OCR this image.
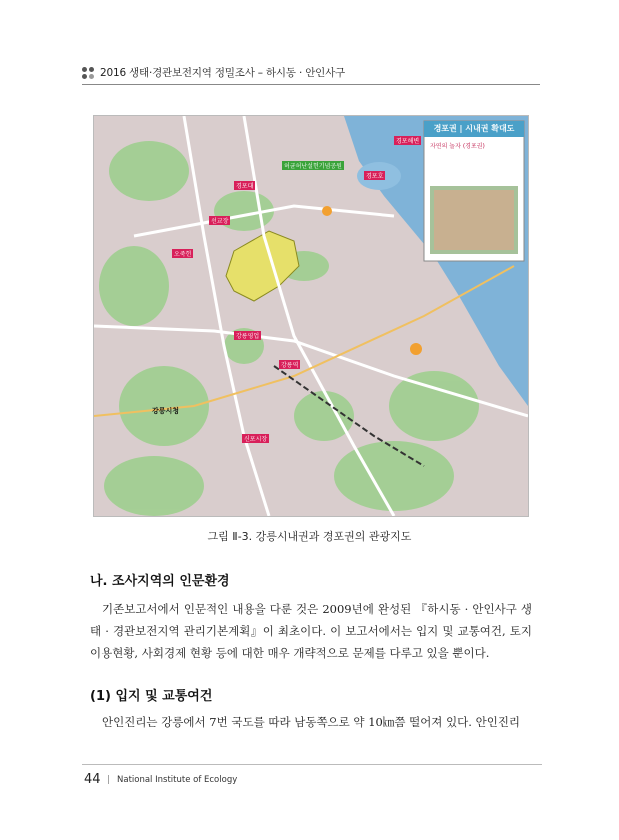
2016 생태·경관보전지역 정밀조사 – 하시동 · 안인사구
경포권 | 시내권 확대도
자연의 놀자 (경포권)
강릉시청
강릉영업
신포시장
경포대
오죽헌
선교장
경포호
강릉역
경포해변
허균허난설헌기념공원
그림 Ⅱ-3. 강릉시내권과 경포권의 관광지도
나. 조사지역의 인문환경
기존보고서에서 인문적인 내용을 다룬 것은 2009년에 완성된 『하시동 · 안인사구 생태 · 경관보전지역 관리기본계획』이 최초이다. 이 보고서에서는 입지 및 교통여건, 토지 이용현황, 사회경제 현황 등에 대한 매우 개략적으로 문제를 다루고 있을 뿐이다.
(1) 입지 및 교통여건
안인진리는 강릉에서 7번 국도를 따라 남동쪽으로 약 10㎞쯤 떨어져 있다. 안인진리
44 | National Institute of Ecology
